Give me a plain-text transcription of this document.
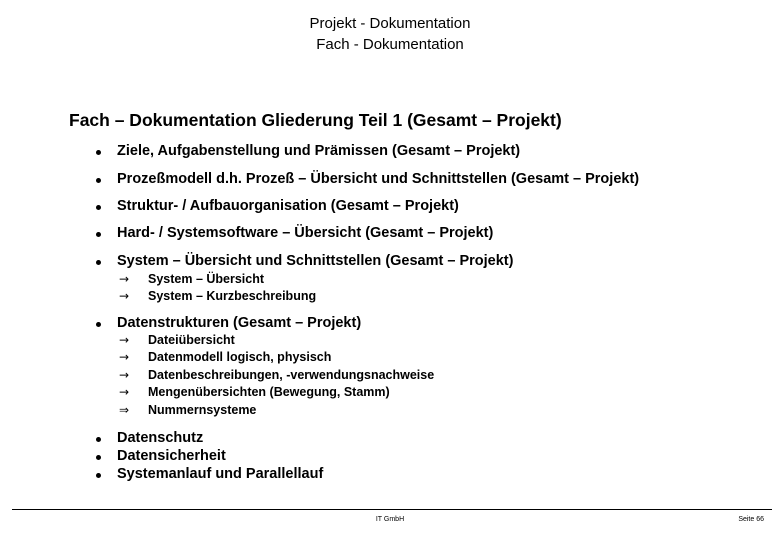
Projekt - Dokumentation
Fach - Dokumentation
Fach – Dokumentation Gliederung Teil 1 (Gesamt – Projekt)
Ziele, Aufgabenstellung und Prämissen (Gesamt – Projekt)
Prozeßmodell d.h. Prozeß – Übersicht und Schnittstellen (Gesamt – Projekt)
Struktur- / Aufbauorganisation (Gesamt – Projekt)
Hard- / Systemsoftware – Übersicht (Gesamt – Projekt)
System – Übersicht und Schnittstellen (Gesamt – Projekt)
→ System – Übersicht
→ System – Kurzbeschreibung
Datenstrukturen (Gesamt – Projekt)
→ Dateiübersicht
→ Datenmodell logisch, physisch
→ Datenbeschreibungen, -verwendungsnachweise
→ Mengenübersichten (Bewegung, Stamm)
⇒ Nummernsysteme
Datenschutz
Datensicherheit
Systemanlauf und Parallellauf
IT GmbH	Seite 66
